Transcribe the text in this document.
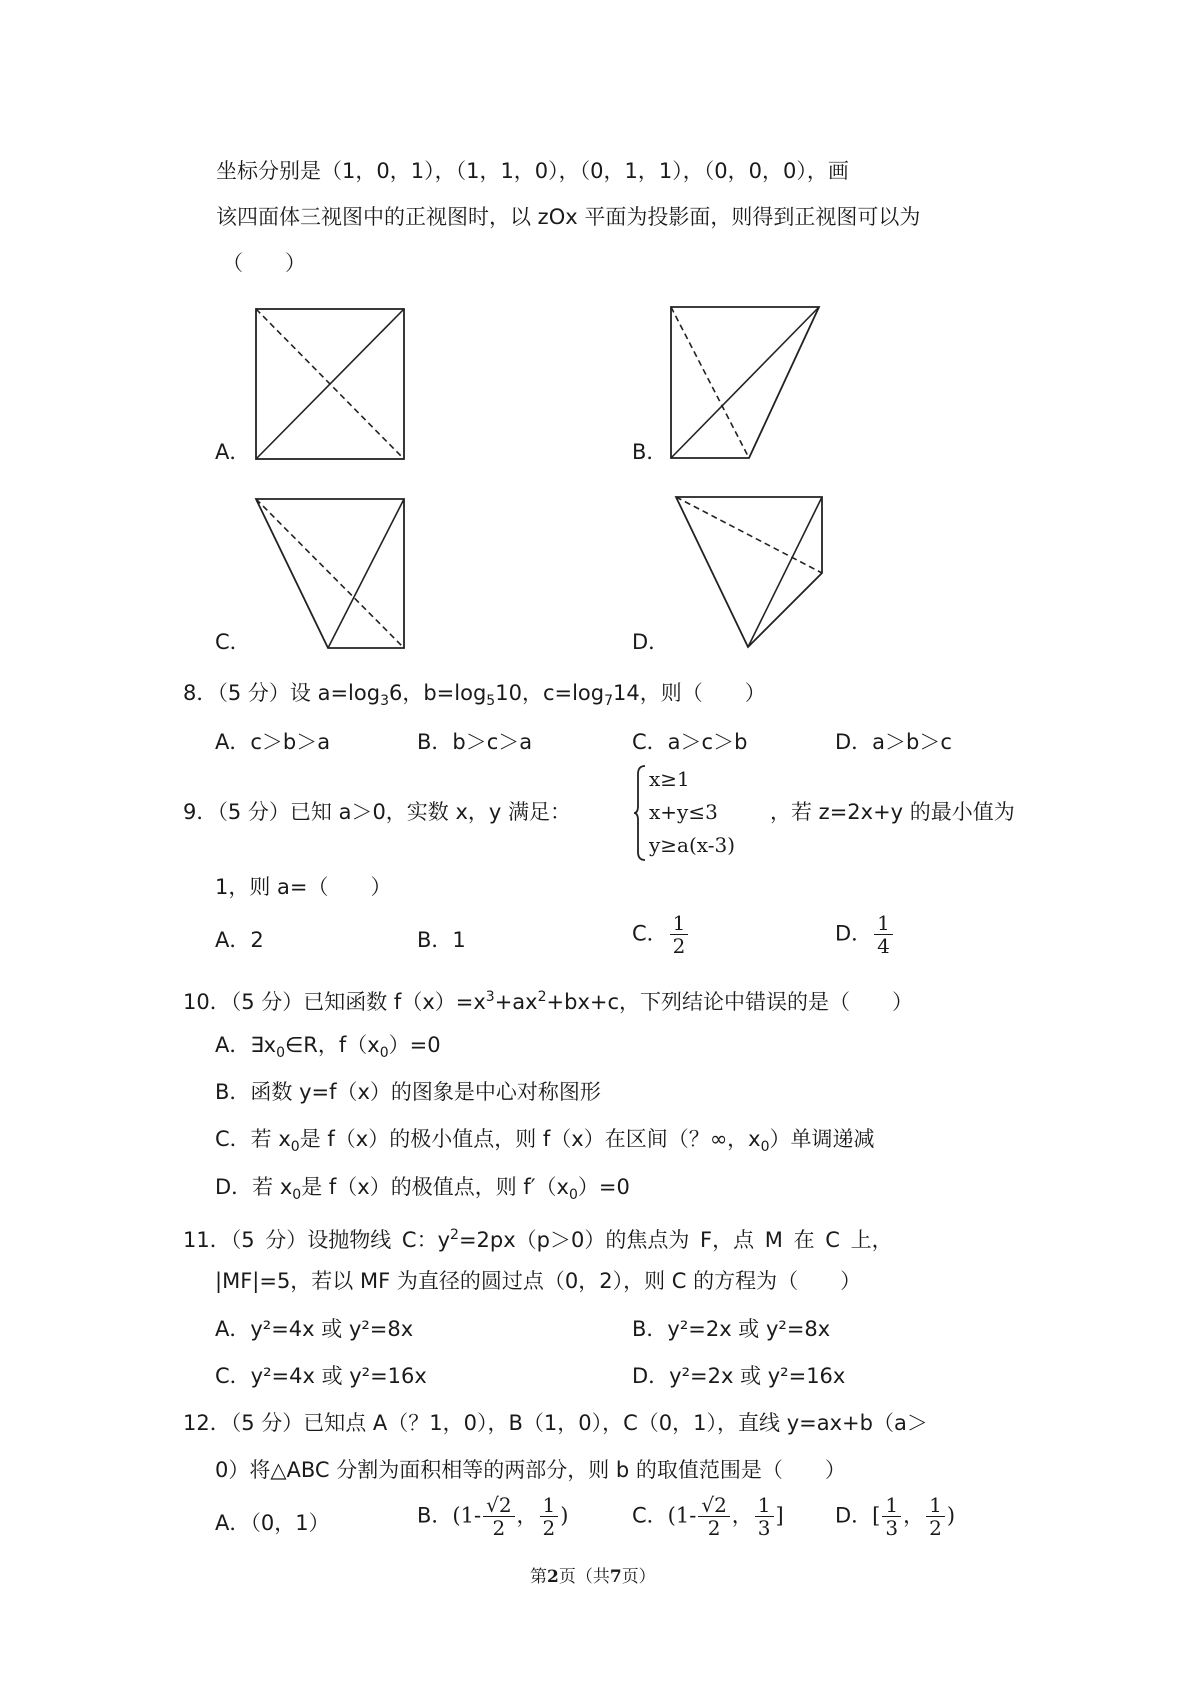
坐标分别是（1，0，1），（1，1，0），（0，1，1），（0，0，0），画
该四面体三视图中的正视图时，以 zOx 平面为投影面，则得到正视图可以为
（　　）
A．	B．
C．	D．
8．（5 分）设 $a=\log_36$，$b=\log_510$，$c=\log_714$，则（　　）
A．c＞b＞a	B．b＞c＞a	C．a＞c＞b	D．a＞b＞c
9．（5 分）已知 a＞0，实数 x，y 满足：
x≥1
x+y≤3
y≥a(x-3)
，若 z=2x+y 的最小值为
1，则 a=（　　）
A．2	B．1	C． $\frac{1}{2}$	D． $\frac{1}{4}$
10．（5 分）已知函数 $f(x)=x^3+ax^2+bx+c$，下列结论中错误的是（　　）
A．$\exists x_0\in R$，$f(x_0)=0$
B．函数 y=f（x）的图象是中心对称图形
C．若 $x_0$是 f（x）的极小值点，则 f（x）在区间（？∞，$x_0$）单调递减
D．若 $x_0$是 f（x）的极值点，则 $f'(x_0)=0$
11．（5 分）设抛物线 C：$y^2=2px(p>0)$的焦点为 F，点 M 在 C 上，
|MF|=5，若以 MF 为直径的圆过点（0，2），则 C 的方程为（　　）
A．y²=4x 或 y²=8x	B．y²=2x 或 y²=8x
C．y²=4x 或 y²=16x	D．y²=2x 或 y²=16x
12．（5 分）已知点 A（？1，0），B（1，0），C（0，1），直线 y=ax+b（a＞
0）将△ABC 分割为面积相等的两部分，则 b 的取值范围是（　　）
A．（0，1）	B．($1- \frac{√2}{2}$ ， $\frac{1}{2}$ )	C．($1- \frac{√2}{2}$ ， $\frac{1}{3}$ ] D．[ $\frac{1}{3}$ ， $\frac{1}{2}$ )
第2页（共7页）
